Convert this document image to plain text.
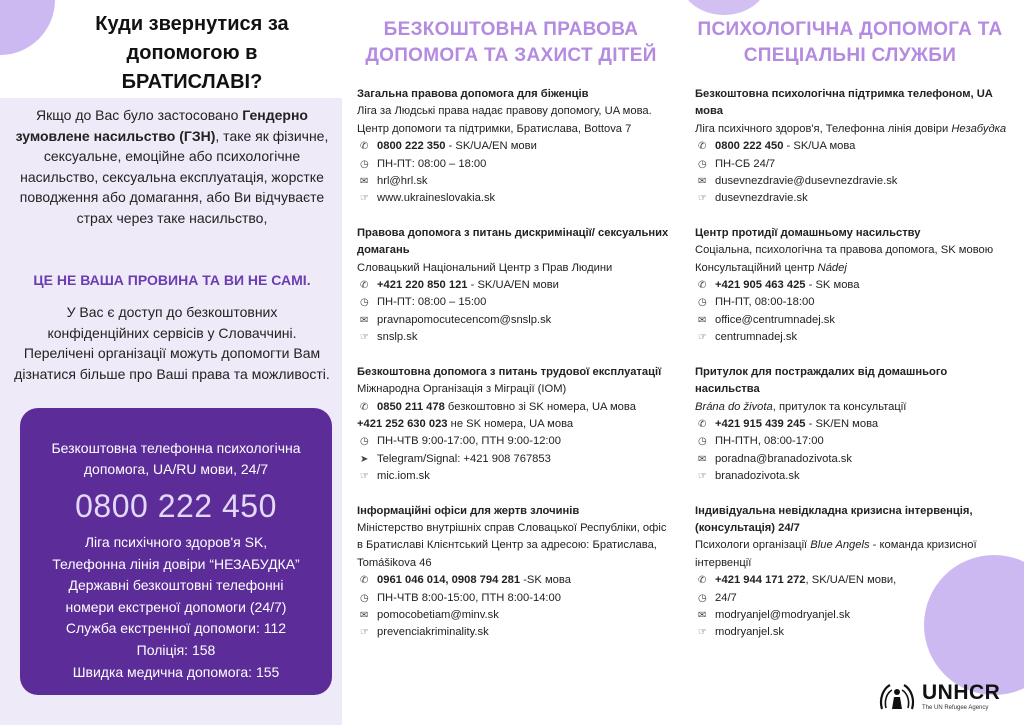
Куди звернутися за допомогою в БРАТИСЛАВІ?
Якщо до Вас було застосовано Гендерно зумовлене насильство (ГЗН), таке як фізичне, сексуальне, емоційне або психологічне насильство, сексуальна експлуатація, жорстке поводження або домагання, або Ви відчуваєте страх через таке насильство,
ЦЕ НЕ ВАША ПРОВИНА ТА ВИ НЕ САМІ.
У Вас є доступ до безкоштовних конфіденційних сервісів у Словаччині. Перелічені організації можуть допомогти Вам дізнатися більше про Ваші права та можливості.
Безкоштовна телефонна психологічна допомога, UA/RU мови, 24/7
0800 222 450
Ліга психічного здоров'я SK,
Телефонна лінія довіри “НЕЗАБУДКА”
Державні безкоштовні телефонні
номери екстреної допомоги (24/7)
Служба екстренної допомоги: 112
Поліція: 158
Швидка медична допомога: 155
БЕЗКОШТОВНА ПРАВОВА ДОПОМОГА ТА ЗАХИСТ ДІТЕЙ
ПСИХОЛОГІЧНА ДОПОМОГА ТА СПЕЦІАЛЬНІ СЛУЖБИ
Загальна правова допомога для біженців
Ліга за Людські права надає правову допомогу, UA мова. Центр допомоги та підтримки, Братислава, Bottova 7
✆ 0800 222 350 - SK/UA/EN мови
◷ ПН-ПТ: 08:00 – 18:00
✉ hrl@hrl.sk
☞ www.ukraineslovakia.sk
Правова допомога з питань дискримінації/ сексуальних домагань
Словацький Національний Центр з Прав Людини
✆ +421 220 850 121 - SK/UA/EN мови
◷ ПН-ПТ: 08:00 – 15:00
✉ pravnapomocutecencom@snslp.sk
☞ snslp.sk
Безкоштовна допомога з питань трудової експлуатації
Міжнародна Організація з Міграції (IOM)
✆ 0850 211 478 безкоштовно зі SK номера, UA мова
+421 252 630 023 не SK номера, UA мова
◷ ПН-ЧТВ 9:00-17:00, ПТН 9:00-12:00
➤ Telegram/Signal: +421 908 767853
☞ mic.iom.sk
Інформаційні офіси для жертв злочинів
Міністерство внутрішніх справ Словацької Республіки, офіс в Братиславі Клієнтський Центр за адресою: Братислава, Tomášikova 46
✆ 0961 046 014, 0908 794 281 -SK мова
◷ ПН-ЧТВ 8:00-15:00, ПТН 8:00-14:00
✉ pomocobetiam@minv.sk
☞ prevenciakriminality.sk
Безкоштовна психологічна підтримка телефоном, UA мова
Ліга психічного здоров'я, Телефонна лінія довіри Незабудка
✆ 0800 222 450 - SK/UA мова
◷ ПН-СБ 24/7
✉ dusevnezdravie@dusevnezdravie.sk
☞ dusevnezdravie.sk
Центр протидії домашньому насильству
Соціальна, психологічна та правова допомога, SK мовою
Консультаційний центр Nádej
✆ +421 905 463 425 - SK мова
◷ ПН-ПТ, 08:00-18:00
✉ office@centrumnadej.sk
☞ centrumnadej.sk
Притулок для постраждалих від домашнього насильства
Brána do života, притулок та консультації
✆ +421 915 439 245 - SK/EN мова
◷ ПН-ПТН, 08:00-17:00
✉ poradna@branadozivota.sk
☞ branadozivota.sk
Індивідуальна невідкладна кризисна інтервенція, (консультація) 24/7
Психологи організації Blue Angels - команда кризисної інтервенції
✆ +421 944 171 272, SK/UA/EN мови,
◷ 24/7
✉ modryanjel@modryanjel.sk
☞ modryanjel.sk
UNHCR
The UN Refugee Agency
